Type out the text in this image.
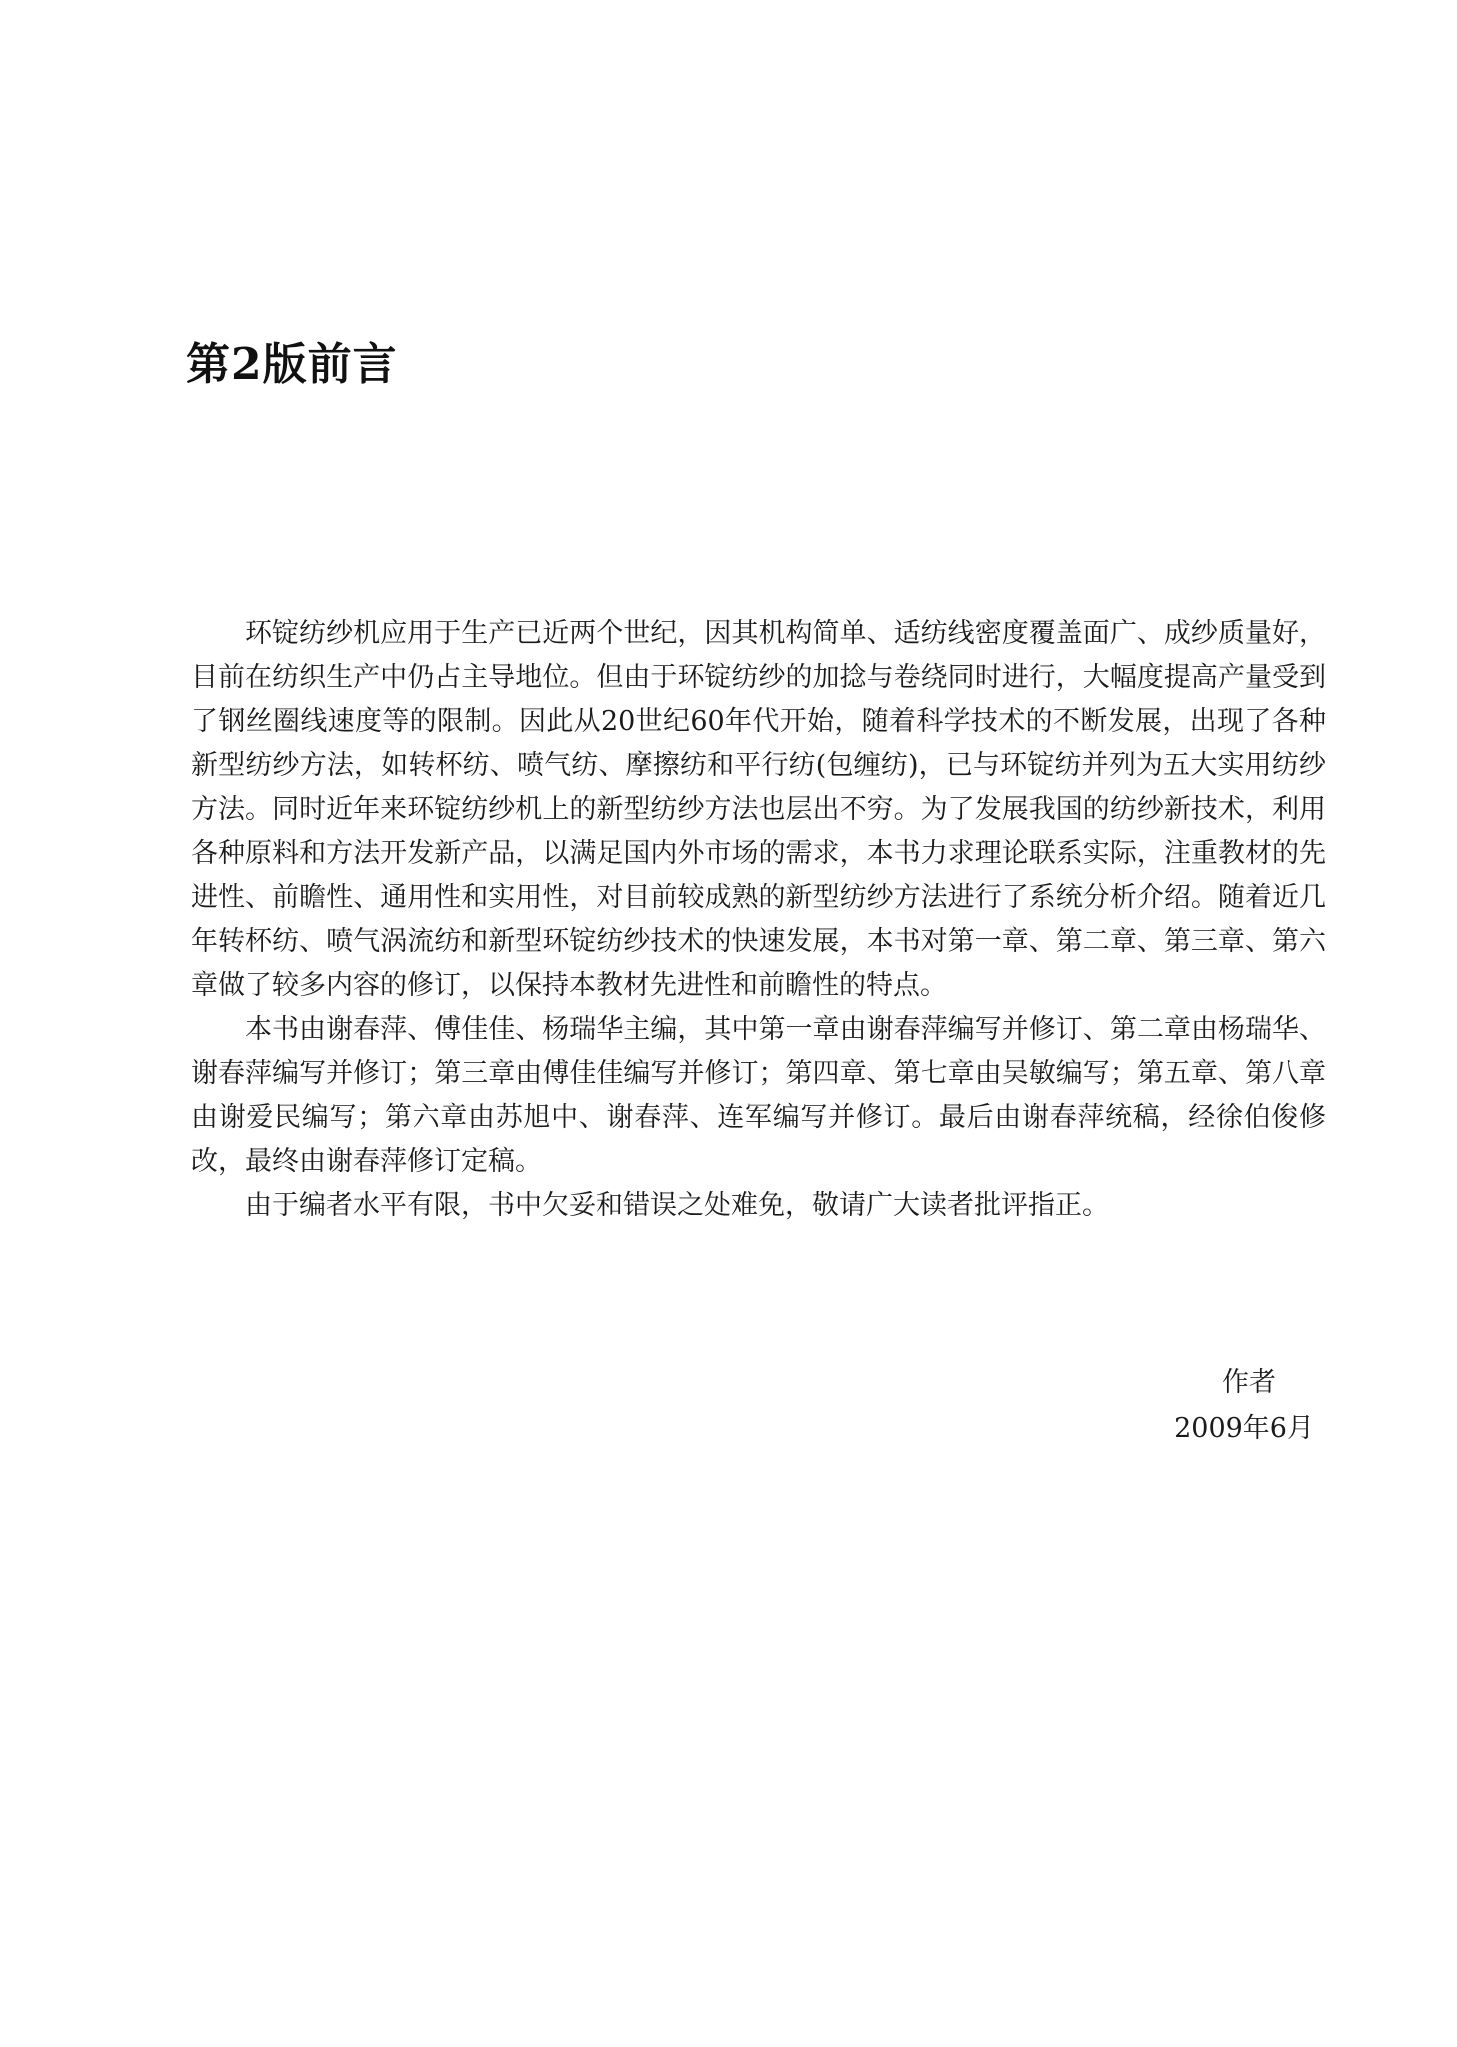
第2版前言

环锭纺纱机应用于生产已近两个世纪，因其机构简单、适纺线密度覆盖面广、成纱质量好，目前在纺织生产中仍占主导地位。但由于环锭纺纱的加捻与卷绕同时进行，大幅度提高产量受到了钢丝圈线速度等的限制。因此从20世纪60年代开始，随着科学技术的不断发展，出现了各种新型纺纱方法，如转杯纺、喷气纺、摩擦纺和平行纺(包缠纺)，已与环锭纺并列为五大实用纺纱方法。同时近年来环锭纺纱机上的新型纺纱方法也层出不穷。为了发展我国的纺纱新技术，利用各种原料和方法开发新产品，以满足国内外市场的需求，本书力求理论联系实际，注重教材的先进性、前瞻性、通用性和实用性，对目前较成熟的新型纺纱方法进行了系统分析介绍。随着近几年转杯纺、喷气涡流纺和新型环锭纺纱技术的快速发展，本书对第一章、第二章、第三章、第六章做了较多内容的修订，以保持本教材先进性和前瞻性的特点。

本书由谢春萍、傅佳佳、杨瑞华主编，其中第一章由谢春萍编写并修订、第二章由杨瑞华、谢春萍编写并修订；第三章由傅佳佳编写并修订；第四章、第七章由吴敏编写；第五章、第八章由谢爱民编写；第六章由苏旭中、谢春萍、连军编写并修订。最后由谢春萍统稿，经徐伯俊修改，最终由谢春萍修订定稿。

由于编者水平有限，书中欠妥和错误之处难免，敬请广大读者批评指正。

作者
2009年6月
